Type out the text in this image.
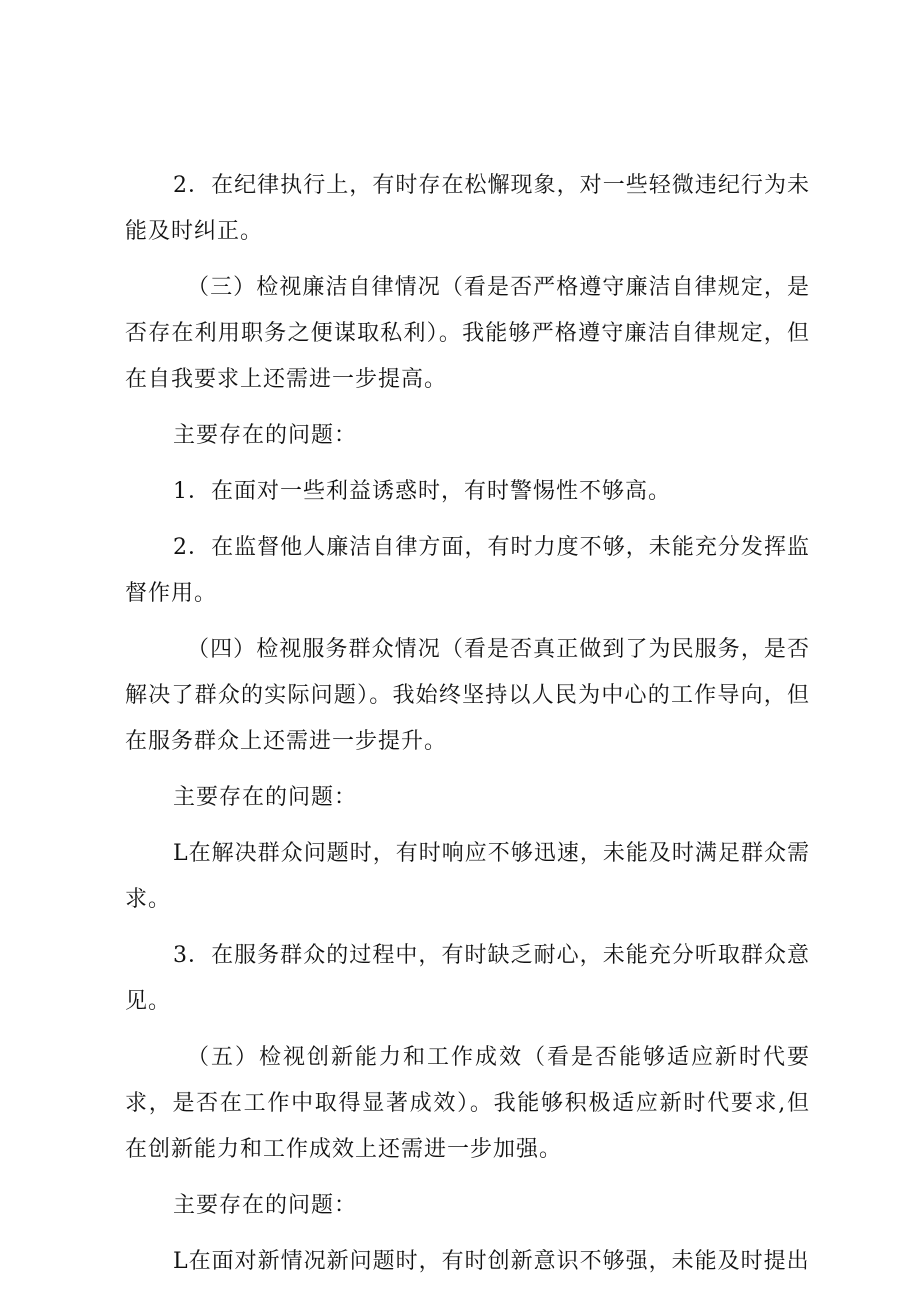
2．在纪律执行上，有时存在松懈现象，对一些轻微违纪行为未能及时纠正。

（三）检视廉洁自律情况（看是否严格遵守廉洁自律规定，是否存在利用职务之便谋取私利）。我能够严格遵守廉洁自律规定，但在自我要求上还需进一步提高。

主要存在的问题：

1．在面对一些利益诱惑时，有时警惕性不够高。

2．在监督他人廉洁自律方面，有时力度不够，未能充分发挥监督作用。

（四）检视服务群众情况（看是否真正做到了为民服务，是否解决了群众的实际问题）。我始终坚持以人民为中心的工作导向，但在服务群众上还需进一步提升。

主要存在的问题：

L在解决群众问题时，有时响应不够迅速，未能及时满足群众需求。

3．在服务群众的过程中，有时缺乏耐心，未能充分听取群众意见。

（五）检视创新能力和工作成效（看是否能够适应新时代要求，是否在工作中取得显著成效）。我能够积极适应新时代要求,但在创新能力和工作成效上还需进一步加强。

主要存在的问题：

L在面对新情况新问题时，有时创新意识不够强，未能及时提出
